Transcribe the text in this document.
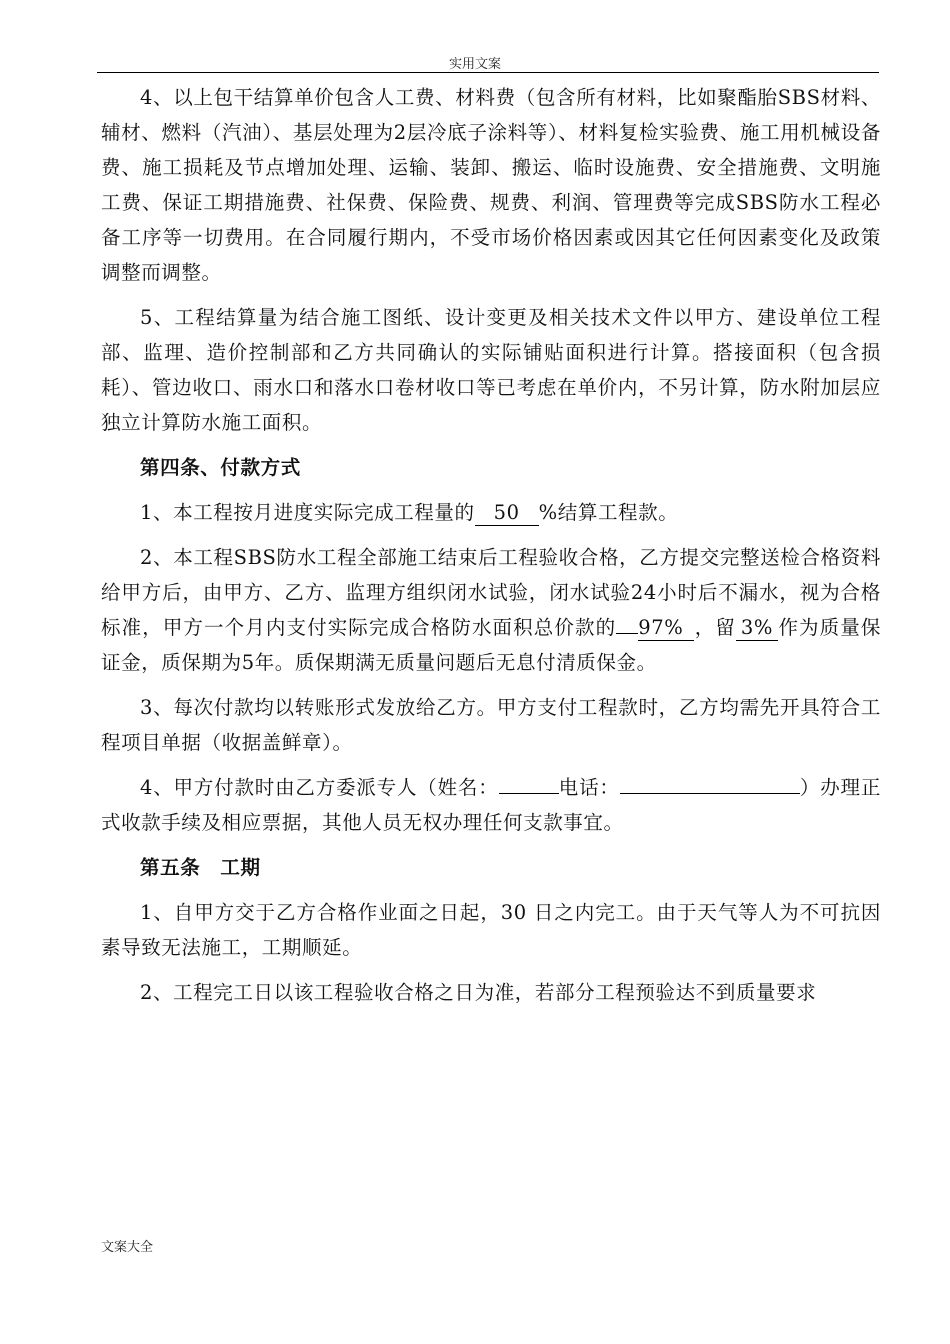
实用文案

4、以上包干结算单价包含人工费、材料费（包含所有材料，比如聚酯胎SBS材料、辅材、燃料（汽油）、基层处理为2层冷底子涂料等）、材料复检实验费、施工用机械设备费、施工损耗及节点增加处理、运输、装卸、搬运、临时设施费、安全措施费、文明施工费、保证工期措施费、社保费、保险费、规费、利润、管理费等完成SBS防水工程必备工序等一切费用。在合同履行期内，不受市场价格因素或因其它任何因素变化及政策调整而调整。

5、工程结算量为结合施工图纸、设计变更及相关技术文件以甲方、建设单位工程部、监理、造价控制部和乙方共同确认的实际铺贴面积进行计算。搭接面积（包含损耗）、管边收口、雨水口和落水口卷材收口等已考虑在单价内，不另计算，防水附加层应独立计算防水施工面积。

第四条、付款方式

1、本工程按月进度实际完成工程量的 50 %结算工程款。

2、本工程SBS防水工程全部施工结束后工程验收合格，乙方提交完整送检合格资料给甲方后，由甲方、乙方、监理方组织闭水试验，闭水试验24小时后不漏水，视为合格标准，甲方一个月内支付实际完成合格防水面积总价款的 97% ，留 3% 作为质量保证金，质保期为5年。质保期满无质量问题后无息付清质保金。

3、每次付款均以转账形式发放给乙方。甲方支付工程款时，乙方均需先开具符合工程项目单据（收据盖鲜章）。

4、甲方付款时由乙方委派专人（姓名：	电话：	）办理正式收款手续及相应票据，其他人员无权办理任何支款事宜。

第五条　工期

1、自甲方交于乙方合格作业面之日起，30 日之内完工。由于天气等人为不可抗因素导致无法施工，工期顺延。

2、工程完工日以该工程验收合格之日为准，若部分工程预验达不到质量要求

文案大全
